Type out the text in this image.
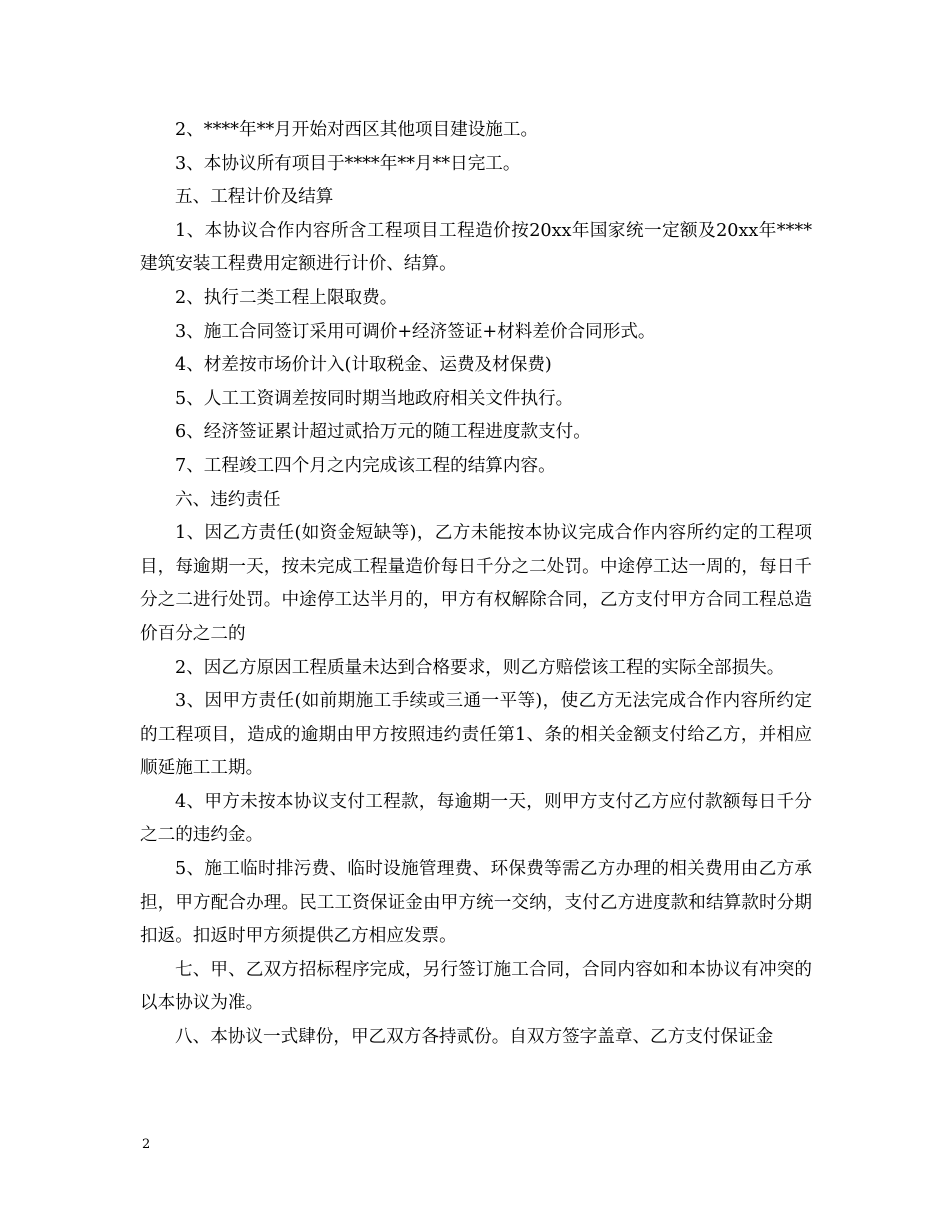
2、****年**月开始对西区其他项目建设施工。

3、本协议所有项目于****年**月**日完工。

五、工程计价及结算

1、本协议合作内容所含工程项目工程造价按20xx年国家统一定额及20xx年****建筑安装工程费用定额进行计价、结算。

2、执行二类工程上限取费。

3、施工合同签订采用可调价+经济签证+材料差价合同形式。

4、材差按市场价计入(计取税金、运费及材保费)

5、人工工资调差按同时期当地政府相关文件执行。

6、经济签证累计超过贰拾万元的随工程进度款支付。

7、工程竣工四个月之内完成该工程的结算内容。

六、违约责任

1、因乙方责任(如资金短缺等)，乙方未能按本协议完成合作内容所约定的工程项目，每逾期一天，按未完成工程量造价每日千分之二处罚。中途停工达一周的，每日千分之二进行处罚。中途停工达半月的，甲方有权解除合同，乙方支付甲方合同工程总造价百分之二的

2、因乙方原因工程质量未达到合格要求，则乙方赔偿该工程的实际全部损失。

3、因甲方责任(如前期施工手续或三通一平等)，使乙方无法完成合作内容所约定的工程项目，造成的逾期由甲方按照违约责任第1、条的相关金额支付给乙方，并相应顺延施工工期。

4、甲方未按本协议支付工程款，每逾期一天，则甲方支付乙方应付款额每日千分之二的违约金。

5、施工临时排污费、临时设施管理费、环保费等需乙方办理的相关费用由乙方承担，甲方配合办理。民工工资保证金由甲方统一交纳，支付乙方进度款和结算款时分期扣返。扣返时甲方须提供乙方相应发票。

七、甲、乙双方招标程序完成，另行签订施工合同，合同内容如和本协议有冲突的以本协议为准。

八、本协议一式肆份，甲乙双方各持贰份。自双方签字盖章、乙方支付保证金

2
